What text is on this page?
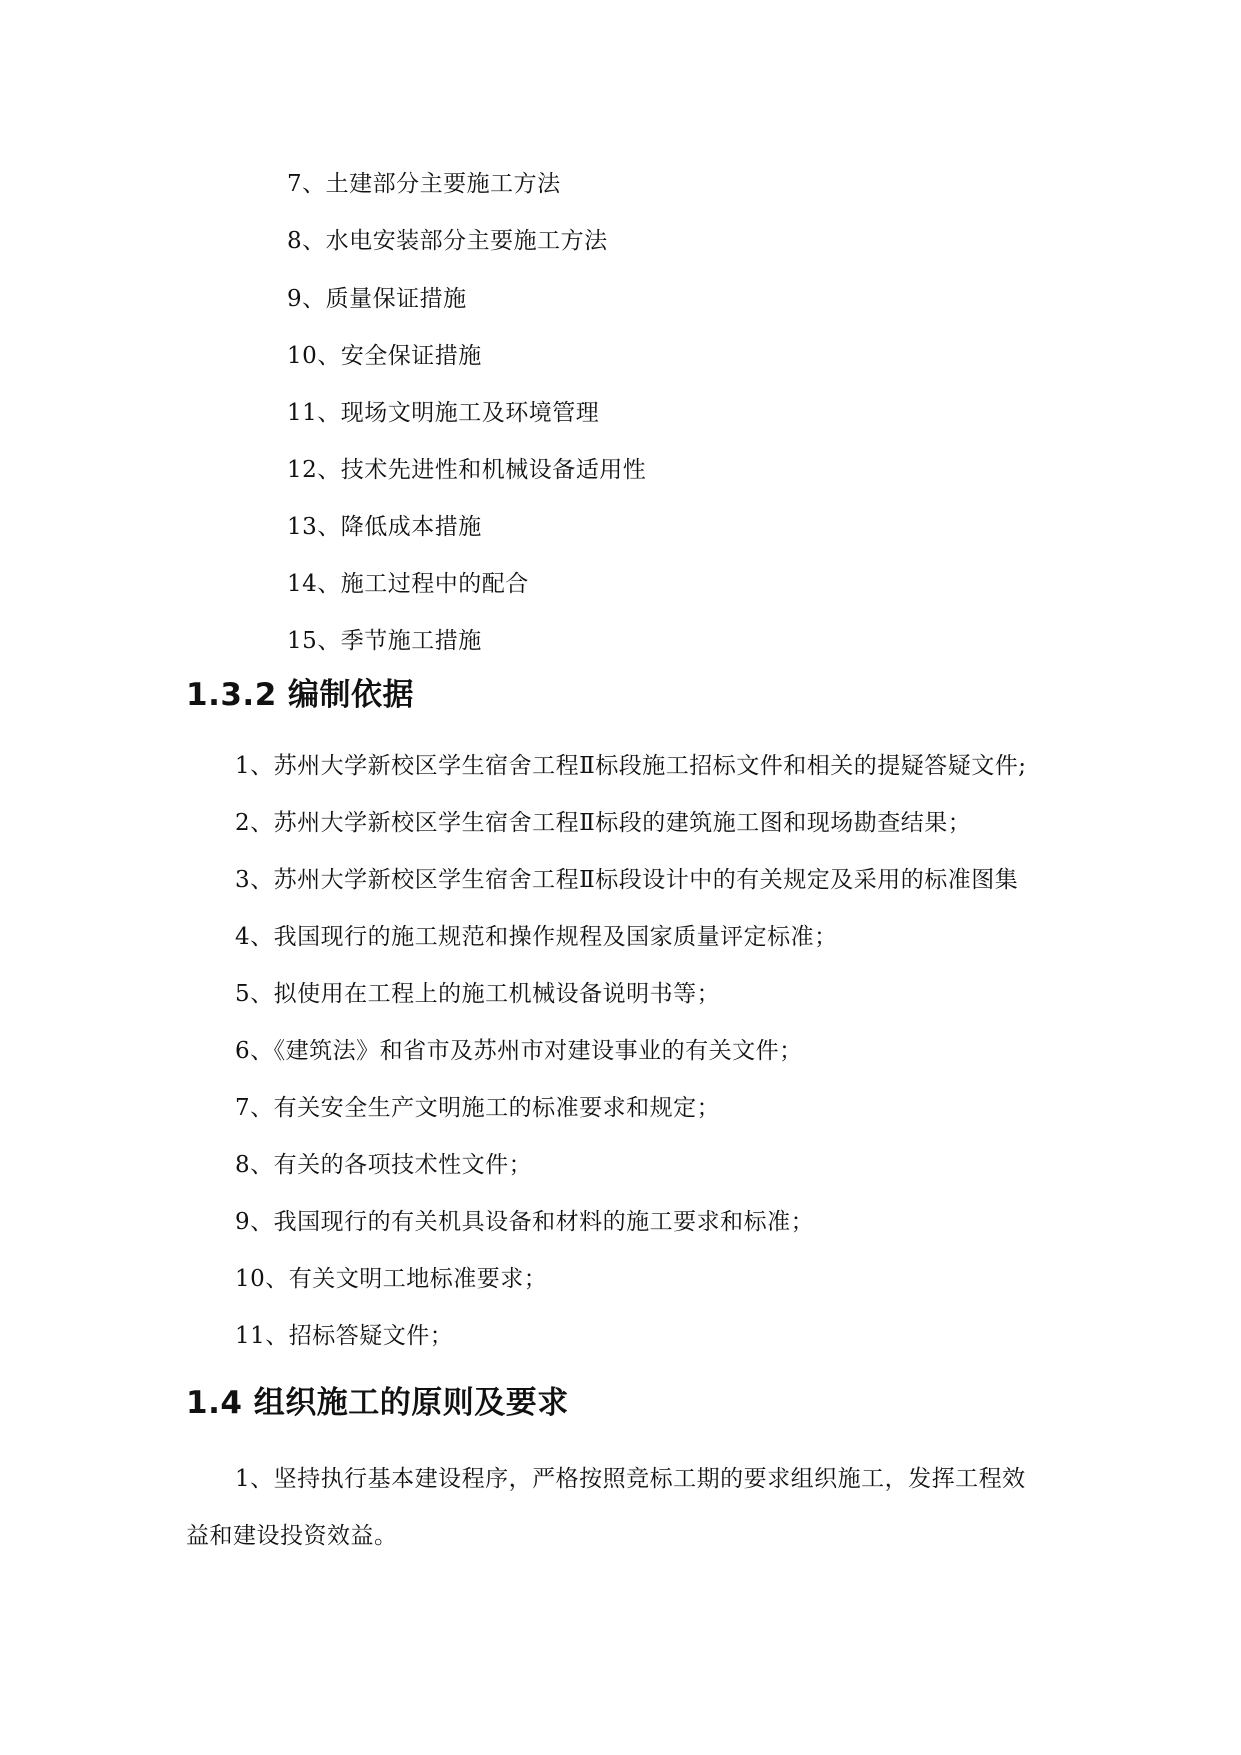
7、土建部分主要施工方法
8、水电安装部分主要施工方法
9、质量保证措施
10、安全保证措施
11、现场文明施工及环境管理
12、技术先进性和机械设备适用性
13、降低成本措施
14、施工过程中的配合
15、季节施工措施
1.3.2 编制依据
1、苏州大学新校区学生宿舍工程Ⅱ标段施工招标文件和相关的提疑答疑文件;
2、苏州大学新校区学生宿舍工程Ⅱ标段的建筑施工图和现场勘查结果；
3、苏州大学新校区学生宿舍工程Ⅱ标段设计中的有关规定及采用的标准图集
4、我国现行的施工规范和操作规程及国家质量评定标准；
5、拟使用在工程上的施工机械设备说明书等；
6、《建筑法》和省市及苏州市对建设事业的有关文件；
7、有关安全生产文明施工的标准要求和规定；
8、有关的各项技术性文件；
9、我国现行的有关机具设备和材料的施工要求和标准；
10、有关文明工地标准要求；
11、招标答疑文件；
1.4 组织施工的原则及要求
1、坚持执行基本建设程序，严格按照竞标工期的要求组织施工，发挥工程效
益和建设投资效益。
